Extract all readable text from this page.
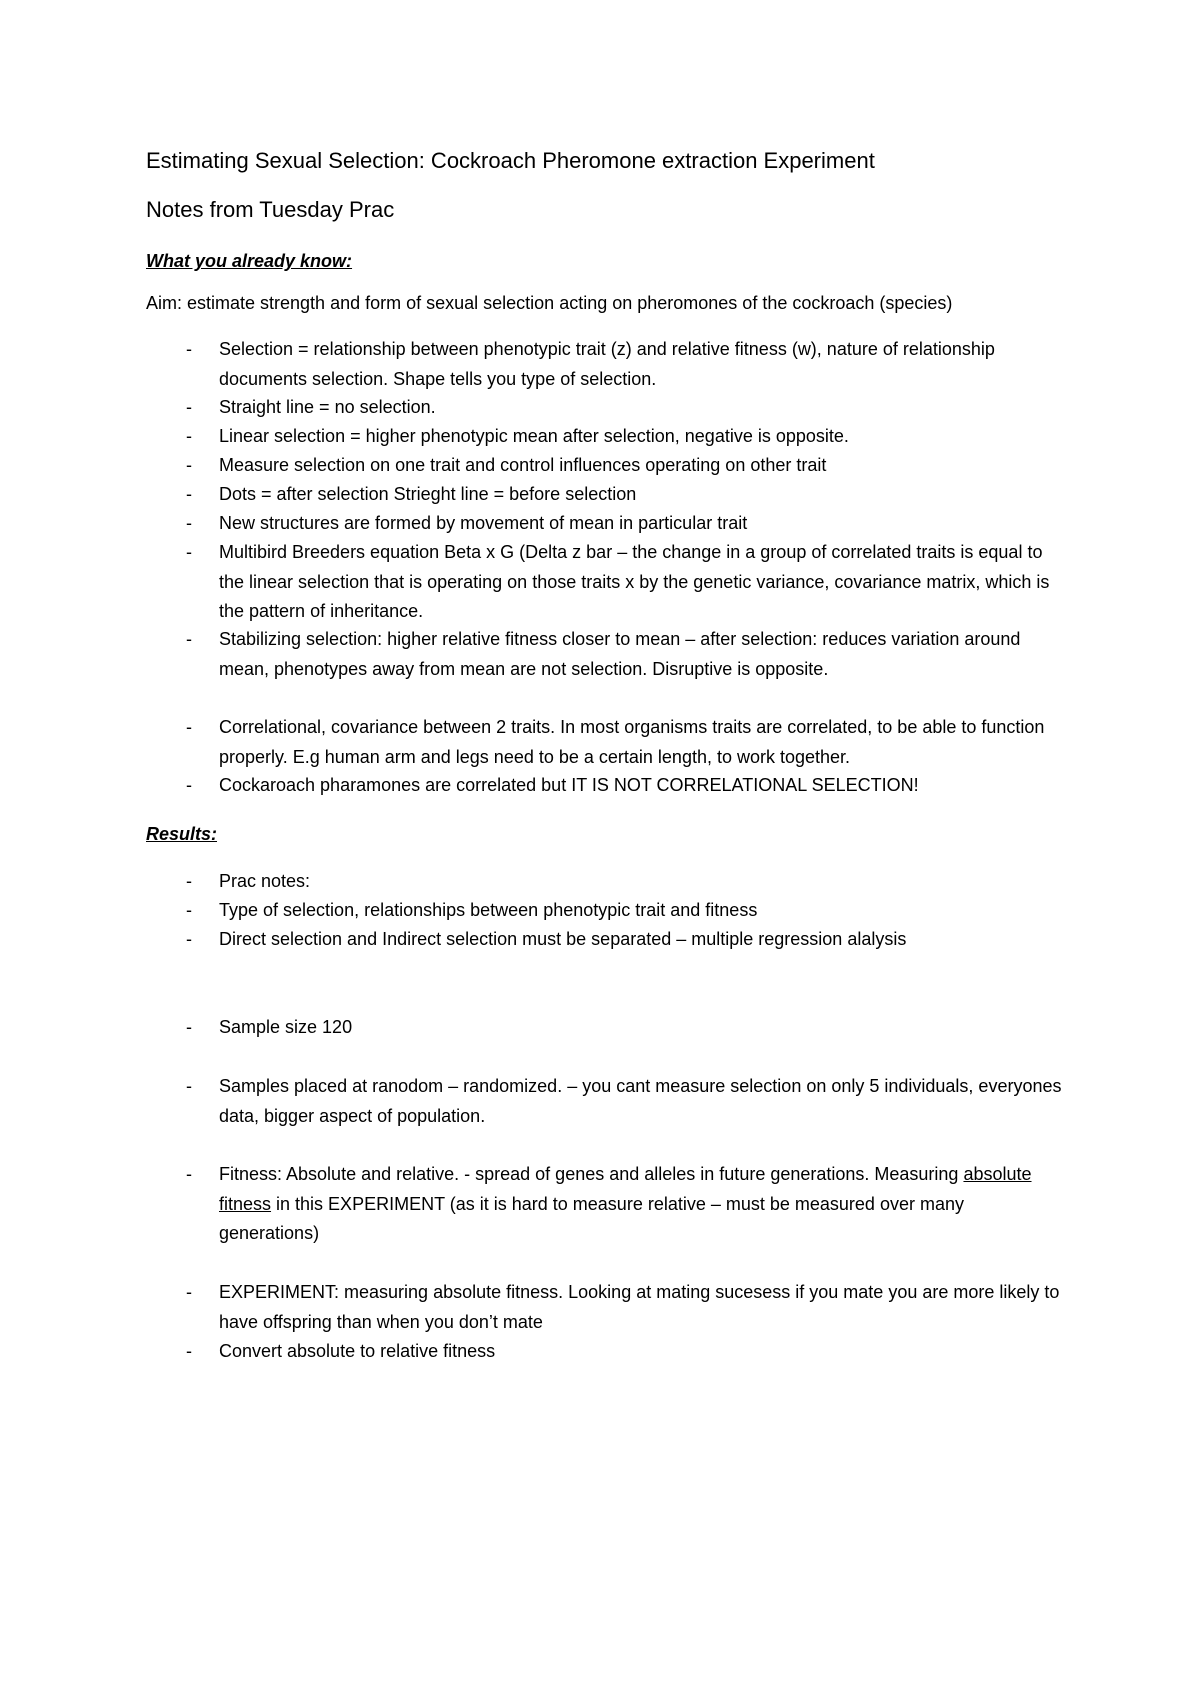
Estimating Sexual Selection: Cockroach Pheromone extraction Experiment
Notes from Tuesday Prac

What you already know:

Aim: estimate strength and form of sexual selection acting on pheromones of the cockroach (species)

- Selection = relationship between phenotypic trait (z) and relative fitness (w), nature of relationship documents selection. Shape tells you type of selection.
- Straight line = no selection.
- Linear selection = higher phenotypic mean after selection, negative is opposite.
- Measure selection on one trait and control influences operating on other trait
- Dots = after selection Strieght line = before selection
- New structures are formed by movement of mean in particular trait
- Multibird Breeders equation Beta x G (Delta z bar – the change in a group of correlated traits is equal to the linear selection that is operating on those traits x by the genetic variance, covariance matrix, which is the pattern of inheritance.
- Stabilizing selection: higher relative fitness closer to mean – after selection: reduces variation around mean, phenotypes away from mean are not selection. Disruptive is opposite.
- Correlational, covariance between 2 traits. In most organisms traits are correlated, to be able to function properly. E.g human arm and legs need to be a certain length, to work together.
- Cockaroach pharamones are correlated but IT IS NOT CORRELATIONAL SELECTION!

Results:

- Prac notes:
- Type of selection, relationships between phenotypic trait and fitness
- Direct selection and Indirect selection must be separated – multiple regression alalysis
- Sample size 120
- Samples placed at ranodom – randomized. – you cant measure selection on only 5 individuals, everyones data, bigger aspect of population.
- Fitness: Absolute and relative. - spread of genes and alleles in future generations. Measuring absolute fitness in this EXPERIMENT (as it is hard to measure relative – must be measured over many generations)
- EXPERIMENT: measuring absolute fitness. Looking at mating sucesess if you mate you are more likely to have offspring than when you don’t mate
- Convert absolute to relative fitness
